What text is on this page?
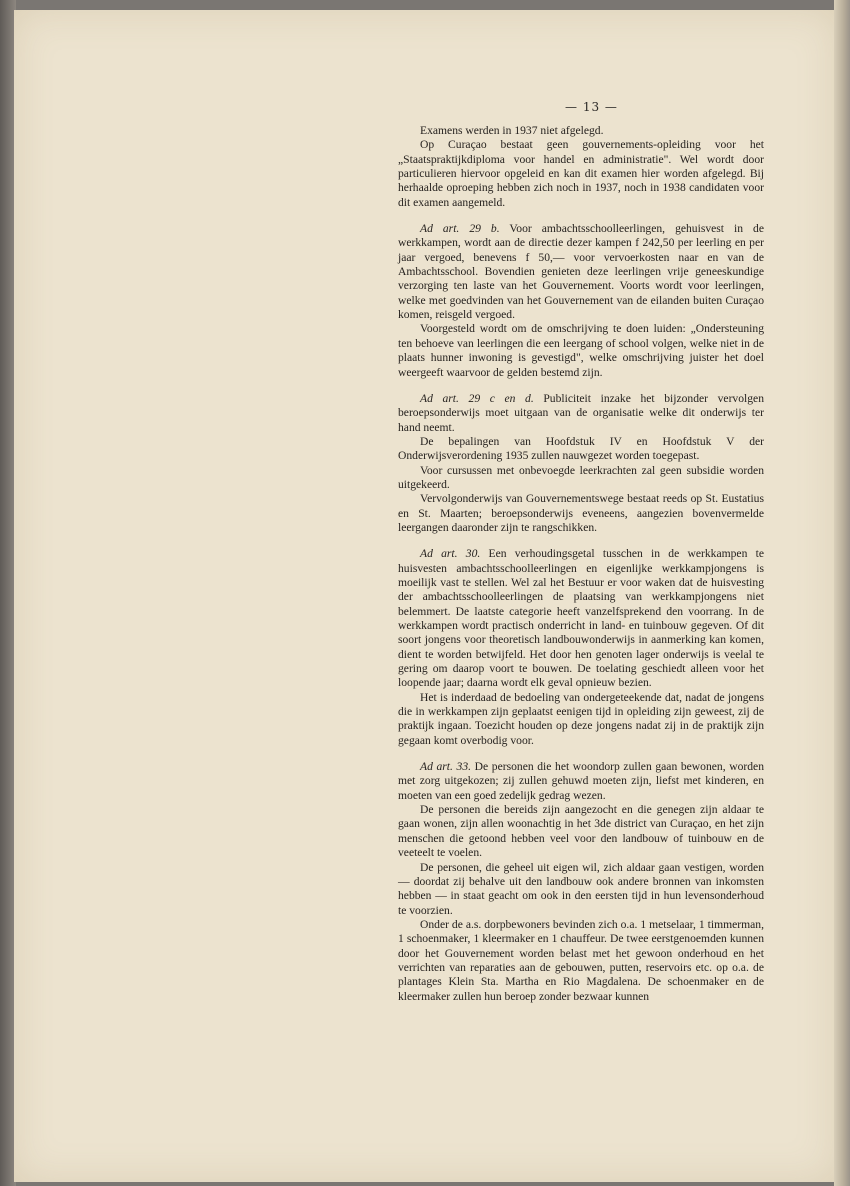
— 13 —

Examens werden in 1937 niet afgelegd.

Op Curaçao bestaat geen gouvernements-opleiding voor het „Staatspraktijkdiploma voor handel en administratie". Wel wordt door particulieren hiervoor opgeleid en kan dit examen hier worden afgelegd. Bij herhaalde oproeping hebben zich noch in 1937, noch in 1938 candidaten voor dit examen aangemeld.

Ad art. 29 b. Voor ambachtsschoolleerlingen, gehuisvest in de werkkampen, wordt aan de directie dezer kampen f 242,50 per leerling en per jaar vergoed, benevens f 50,— voor vervoerkosten naar en van de Ambachtsschool. Bovendien genieten deze leerlingen vrije geneeskundige verzorging ten laste van het Gouvernement. Voorts wordt voor leerlingen, welke met goedvinden van het Gouvernement van de eilanden buiten Curaçao komen, reisgeld vergoed.

Voorgesteld wordt om de omschrijving te doen luiden: „Ondersteuning ten behoeve van leerlingen die een leergang of school volgen, welke niet in de plaats hunner inwoning is gevestigd", welke omschrijving juister het doel weergeeft waarvoor de gelden bestemd zijn.

Ad art. 29 c en d. Publiciteit inzake het bijzonder vervolgen beroepsonderwijs moet uitgaan van de organisatie welke dit onderwijs ter hand neemt.

De bepalingen van Hoofdstuk IV en Hoofdstuk V der Onderwijsverordening 1935 zullen nauwgezet worden toegepast.

Voor cursussen met onbevoegde leerkrachten zal geen subsidie worden uitgekeerd.

Vervolgonderwijs van Gouvernementswege bestaat reeds op St. Eustatius en St. Maarten; beroepsonderwijs eveneens, aangezien bovenvermelde leergangen daaronder zijn te rangschikken.

Ad art. 30. Een verhoudingsgetal tusschen in de werkkampen te huisvesten ambachtsschoolleerlingen en eigenlijke werkkampjongens is moeilijk vast te stellen. Wel zal het Bestuur er voor waken dat de huisvesting der ambachtsschoolleerlingen de plaatsing van werkkampjongens niet belemmert. De laatste categorie heeft vanzelfsprekend den voorrang. In de werkkampen wordt practisch onderricht in land- en tuinbouw gegeven. Of dit soort jongens voor theoretisch landbouwonderwijs in aanmerking kan komen, dient te worden betwijfeld. Het door hen genoten lager onderwijs is veelal te gering om daarop voort te bouwen. De toelating geschiedt alleen voor het loopende jaar; daarna wordt elk geval opnieuw bezien.

Het is inderdaad de bedoeling van ondergeteekende dat, nadat de jongens die in werkkampen zijn geplaatst eenigen tijd in opleiding zijn geweest, zij de praktijk ingaan. Toezicht houden op deze jongens nadat zij in de praktijk zijn gegaan komt overbodig voor.

Ad art. 33. De personen die het woondorp zullen gaan bewonen, worden met zorg uitgekozen; zij zullen gehuwd moeten zijn, liefst met kinderen, en moeten van een goed zedelijk gedrag wezen.

De personen die bereids zijn aangezocht en die genegen zijn aldaar te gaan wonen, zijn allen woonachtig in het 3de district van Curaçao, en het zijn menschen die getoond hebben veel voor den landbouw of tuinbouw en de veeteelt te voelen.

De personen, die geheel uit eigen wil, zich aldaar gaan vestigen, worden — doordat zij behalve uit den landbouw ook andere bronnen van inkomsten hebben — in staat geacht om ook in den eersten tijd in hun levensonderhoud te voorzien.

Onder de a.s. dorpbewoners bevinden zich o.a. 1 metselaar, 1 timmerman, 1 schoenmaker, 1 kleermaker en 1 chauffeur. De twee eerstgenoemden kunnen door het Gouvernement worden belast met het gewoon onderhoud en het verrichten van reparaties aan de gebouwen, putten, reservoirs etc. op o.a. de plantages Klein Sta. Martha en Rio Magdalena. De schoenmaker en de kleermaker zullen hun beroep zonder bezwaar kunnen
